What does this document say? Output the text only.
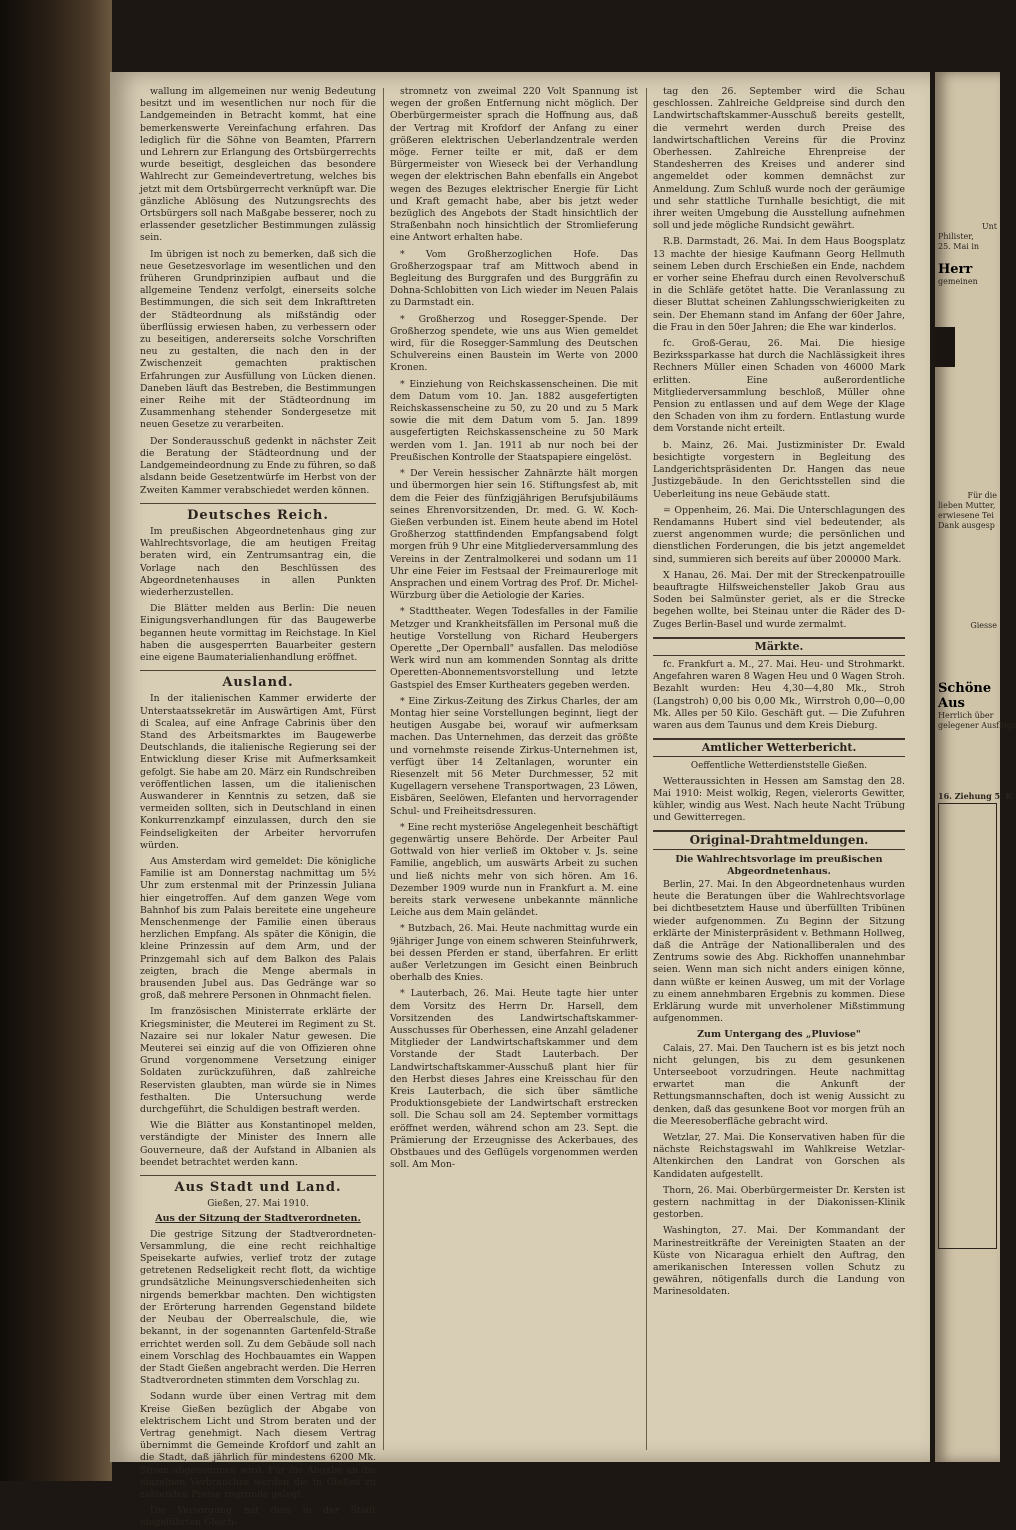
wallung im allgemeinen nur wenig Bedeutung besitzt und im wesentlichen nur noch für die Landgemeinden in Betracht kommt, hat eine bemerkenswerte Vereinfachung erfahren. Das lediglich für die Söhne von Beamten, Pfarrern und Lehrern zur Erlangung des Ortsbürgerrechts wurde beseitigt, desgleichen das besondere Wahlrecht zur Gemeindevertretung, welches bis jetzt mit dem Ortsbürgerrecht verknüpft war. Die gänzliche Ablösung des Nutzungsrechts des Ortsbürgers soll nach Maßgabe besserer, noch zu erlassender gesetzlicher Bestimmungen zulässig sein.

Im übrigen ist noch zu bemerken, daß sich die neue Gesetzesvorlage im wesentlichen und den früheren Grundprinzipien aufbaut und die allgemeine Tendenz verfolgt, einerseits solche Bestimmungen, die sich seit dem Inkrafttreten der Städteordnung als mißständig oder überflüssig erwiesen haben, zu verbessern oder zu beseitigen, andererseits solche Vorschriften neu zu gestalten, die nach den in der Zwischenzeit gemachten praktischen Erfahrungen zur Ausfüllung von Lücken dienen. Daneben läuft das Bestreben, die Bestimmungen einer Reihe mit der Städteordnung im Zusammenhang stehender Sondergesetze mit neuen Gesetze zu verarbeiten.

Der Sonderausschuß gedenkt in nächster Zeit die Beratung der Städteordnung und der Landgemeindeordnung zu Ende zu führen, so daß alsdann beide Gesetzentwürfe im Herbst von der Zweiten Kammer verabschiedet werden können.

Deutsches Reich.

Im preußischen Abgeordnetenhaus ging zur Wahlrechtsvorlage, die am heutigen Freitag beraten wird, ein Zentrumsantrag ein, die Vorlage nach den Beschlüssen des Abgeordnetenhauses in allen Punkten wiederherzustellen.

Die Blätter melden aus Berlin: Die neuen Einigungsverhandlungen für das Baugewerbe begannen heute vormittag im Reichstage. In Kiel haben die ausgesperrten Bauarbeiter gestern eine eigene Baumaterialienhandlung eröffnet.

Ausland.

In der italienischen Kammer erwiderte der Unterstaatssekretär im Auswärtigen Amt, Fürst di Scalea, auf eine Anfrage Cabrinis über den Stand des Arbeitsmarktes im Baugewerbe Deutschlands, die italienische Regierung sei der Entwicklung dieser Krise mit Aufmerksamkeit gefolgt. Sie habe am 20. März ein Rundschreiben veröffentlichen lassen, um die italienischen Auswanderer in Kenntnis zu setzen, daß sie vermeiden sollten, sich in Deutschland in einen Konkurrenzkampf einzulassen, durch den sie Feindseligkeiten der Arbeiter hervorrufen würden.

Aus Amsterdam wird gemeldet: Die königliche Familie ist am Donnerstag nachmittag um 5½ Uhr zum erstenmal mit der Prinzessin Juliana hier eingetroffen. Auf dem ganzen Wege vom Bahnhof bis zum Palais bereitete eine ungeheure Menschenmenge der Familie einen überaus herzlichen Empfang. Als später die Königin, die kleine Prinzessin auf dem Arm, und der Prinzgemahl sich auf dem Balkon des Palais zeigten, brach die Menge abermals in brausenden Jubel aus. Das Gedränge war so groß, daß mehrere Personen in Ohnmacht fielen.

Im französischen Ministerrate erklärte der Kriegsminister, die Meuterei im Regiment zu St. Nazaire sei nur lokaler Natur gewesen. Die Meuterei sei einzig auf die von Offizieren ohne Grund vorgenommene Versetzung einiger Soldaten zurückzuführen, daß zahlreiche Reservisten glaubten, man würde sie in Nimes festhalten. Die Untersuchung werde durchgeführt, die Schuldigen bestraft werden.

Wie die Blätter aus Konstantinopel melden, verständigte der Minister des Innern alle Gouverneure, daß der Aufstand in Albanien als beendet betrachtet werden kann.

Aus Stadt und Land.
Gießen, 27. Mai 1910.
Aus der Sitzung der Stadtverordneten.

Die gestrige Sitzung der Stadtverordneten-Versammlung, die eine recht reichhaltige Speisekarte aufwies, verlief trotz der zutage getretenen Redseligkeit recht flott, da wichtige grundsätzliche Meinungsverschiedenheiten sich nirgends bemerkbar machten. Den wichtigsten der Erörterung harrenden Gegenstand bildete der Neubau der Oberrealschule, die, wie bekannt, in der sogenannten Gartenfeld-Straße errichtet werden soll. Zu dem Gebäude soll nach einem Vorschlag des Hochbauamtes ein Wappen der Stadt Gießen angebracht werden. Die Herren Stadtverordneten stimmten dem Vorschlag zu.

Sodann wurde über einen Vertrag mit dem Kreise Gießen bezüglich der Abgabe von elektrischem Licht und Strom beraten und der Vertrag genehmigt. Nach diesem Vertrag übernimmt die Gemeinde Krofdorf und zahlt an die Stadt, daß jährlich für mindestens 6200 Mk. Strom abgenommen wird. Für die Abgabe an die einzelnen Verbraucher werden die in Gießen zu zahlenden Preise zugrunde gelegt.

Die Versorgung mit dem in der Stadt eingeführten Gleich-

stromnetz von zweimal 220 Volt Spannung ist wegen der großen Entfernung nicht möglich. Der Oberbürgermeister sprach die Hoffnung aus, daß der Vertrag mit Krofdorf der Anfang zu einer größeren elektrischen Ueberlandzentrale werden möge. Ferner teilte er mit, daß er dem Bürgermeister von Wieseck bei der Verhandlung wegen der elektrischen Bahn ebenfalls ein Angebot wegen des Bezuges elektrischer Energie für Licht und Kraft gemacht habe, aber bis jetzt weder bezüglich des Angebots der Stadt hinsichtlich der Straßenbahn noch hinsichtlich der Stromlieferung eine Antwort erhalten habe.

* Vom Großherzoglichen Hofe. Das Großherzogspaar traf am Mittwoch abend in Begleitung des Burggrafen und des Burggräfin zu Dohna-Schlobitten von Lich wieder im Neuen Palais zu Darmstadt ein.

* Großherzog und Rosegger-Spende. Der Großherzog spendete, wie uns aus Wien gemeldet wird, für die Rosegger-Sammlung des Deutschen Schulvereins einen Baustein im Werte von 2000 Kronen.

* Einziehung von Reichskassenscheinen. Die mit dem Datum vom 10. Jan. 1882 ausgefertigten Reichskassenscheine zu 50, zu 20 und zu 5 Mark sowie die mit dem Datum vom 5. Jan. 1899 ausgefertigten Reichskassenscheine zu 50 Mark werden vom 1. Jan. 1911 ab nur noch bei der Preußischen Kontrolle der Staatspapiere eingelöst.

* Der Verein hessischer Zahnärzte hält morgen und übermorgen hier sein 16. Stiftungsfest ab, mit dem die Feier des fünfzigjährigen Berufsjubiläums seines Ehrenvorsitzenden, Dr. med. G. W. Koch-Gießen verbunden ist. Einem heute abend im Hotel Großherzog stattfindenden Empfangsabend folgt morgen früh 9 Uhr eine Mitgliederversammlung des Vereins in der Zentralmolkerei und sodann um 11 Uhr eine Feier im Festsaal der Freimaurerloge mit Ansprachen und einem Vortrag des Prof. Dr. Michel-Würzburg über die Aetiologie der Karies.

* Stadttheater. Wegen Todesfalles in der Familie Metzger und Krankheitsfällen im Personal muß die heutige Vorstellung von Richard Heubergers Operette „Der Opernball" ausfallen. Das melodiöse Werk wird nun am kommenden Sonntag als dritte Operetten-Abonnementsvorstellung und letzte Gastspiel des Emser Kurtheaters gegeben werden.

* Eine Zirkus-Zeitung des Zirkus Charles, der am Montag hier seine Vorstellungen beginnt, liegt der heutigen Ausgabe bei, worauf wir aufmerksam machen. Das Unternehmen, das derzeit das größte und vornehmste reisende Zirkus-Unternehmen ist, verfügt über 14 Zeltanlagen, worunter ein Riesenzelt mit 56 Meter Durchmesser, 52 mit Kugellagern versehene Transportwagen, 23 Löwen, Eisbären, Seelöwen, Elefanten und hervorragender Schul- und Freiheitsdressuren.

* Eine recht mysteriöse Angelegenheit beschäftigt gegenwärtig unsere Behörde. Der Arbeiter Paul Gottwald von hier verließ im Oktober v. Js. seine Familie, angeblich, um auswärts Arbeit zu suchen und ließ nichts mehr von sich hören. Am 16. Dezember 1909 wurde nun in Frankfurt a. M. eine bereits stark verwesene unbekannte männliche Leiche aus dem Main geländet.

* Butzbach, 26. Mai. Heute nachmittag wurde ein 9jähriger Junge von einem schweren Steinfuhrwerk, bei dessen Pferden er stand, überfahren. Er erlitt außer Verletzungen im Gesicht einen Beinbruch oberhalb des Knies.

* Lauterbach, 26. Mai. Heute tagte hier unter dem Vorsitz des Herrn Dr. Harsell, dem Vorsitzenden des Landwirtschaftskammer-Ausschusses für Oberhessen, eine Anzahl geladener Mitglieder der Landwirtschaftskammer und dem Vorstande der Stadt Lauterbach. Der Landwirtschaftskammer-Ausschuß plant hier für den Herbst dieses Jahres eine Kreisschau für den Kreis Lauterbach, die sich über sämtliche Produktionsgebiete der Landwirtschaft erstrecken soll. Die Schau soll am 24. September vormittags eröffnet werden, während schon am 23. Sept. die Prämierung der Erzeugnisse des Ackerbaues, des Obstbaues und des Geflügels vorgenommen werden soll. Am Mon-

tag den 26. September wird die Schau geschlossen. Zahlreiche Geldpreise sind durch den Landwirtschaftskammer-Ausschuß bereits gestellt, die vermehrt werden durch Preise des landwirtschaftlichen Vereins für die Provinz Oberhessen. Zahlreiche Ehrenpreise der Standesherren des Kreises und anderer sind angemeldet oder kommen demnächst zur Anmeldung. Zum Schluß wurde noch der geräumige und sehr stattliche Turnhalle besichtigt, die mit ihrer weiten Umgebung die Ausstellung aufnehmen soll und jede mögliche Rundsicht gewährt.

R.B. Darmstadt, 26. Mai. In dem Haus Boogsplatz 13 machte der hiesige Kaufmann Georg Hellmuth seinem Leben durch Erschießen ein Ende, nachdem er vorher seine Ehefrau durch einen Revolverschuß in die Schläfe getötet hatte. Die Veranlassung zu dieser Bluttat scheinen Zahlungsschwierigkeiten zu sein. Der Ehemann stand im Anfang der 60er Jahre, die Frau in den 50er Jahren; die Ehe war kinderlos.

fc. Groß-Gerau, 26. Mai. Die hiesige Bezirkssparkasse hat durch die Nachlässigkeit ihres Rechners Müller einen Schaden von 46000 Mark erlitten. Eine außerordentliche Mitgliederversammlung beschloß, Müller ohne Pension zu entlassen und auf dem Wege der Klage den Schaden von ihm zu fordern. Entlastung wurde dem Vorstande nicht erteilt.

b. Mainz, 26. Mai. Justizminister Dr. Ewald besichtigte vorgestern in Begleitung des Landgerichtspräsidenten Dr. Hangen das neue Justizgebäude. In den Gerichtsstellen sind die Ueberleitung ins neue Gebäude statt.

= Oppenheim, 26. Mai. Die Unterschlagungen des Rendamanns Hubert sind viel bedeutender, als zuerst angenommen wurde; die persönlichen und dienstlichen Forderungen, die bis jetzt angemeldet sind, summieren sich bereits auf über 200000 Mark.

X Hanau, 26. Mai. Der mit der Streckenpatrouille beauftragte Hilfsweichensteller Jakob Grau aus Soden bei Salmünster geriet, als er die Strecke begehen wollte, bei Steinau unter die Räder des D-Zuges Berlin-Basel und wurde zermalmt.

Märkte.

fc. Frankfurt a. M., 27. Mai. Heu- und Strohmarkt. Angefahren waren 8 Wagen Heu und 0 Wagen Stroh. Bezahlt wurden: Heu 4,30—4,80 Mk., Stroh (Langstroh) 0,00 bis 0,00 Mk., Wirrstroh 0,00—0,00 Mk. Alles per 50 Kilo. Geschäft gut. — Die Zufuhren waren aus dem Taunus und dem Kreis Dieburg.

Amtlicher Wetterbericht.
Oeffentliche Wetterdienststelle Gießen.

Wetteraussichten in Hessen am Samstag den 28. Mai 1910: Meist wolkig, Regen, vielerorts Gewitter, kühler, windig aus West. Nach heute Nacht Trübung und Gewitterregen.

Original-Drahtmeldungen.
Die Wahlrechtsvorlage im preußischen Abgeordnetenhaus.

Berlin, 27. Mai. In den Abgeordnetenhaus wurden heute die Beratungen über die Wahlrechtsvorlage bei dichtbesetztem Hause und überfüllten Tribünen wieder aufgenommen. Zu Beginn der Sitzung erklärte der Ministerpräsident v. Bethmann Hollweg, daß die Anträge der Nationalliberalen und des Zentrums sowie des Abg. Rickhoffen unannehmbar seien. Wenn man sich nicht anders einigen könne, dann wüßte er keinen Ausweg, um mit der Vorlage zu einem annehmbaren Ergebnis zu kommen. Diese Erklärung wurde mit unverholener Mißstimmung aufgenommen.

Zum Untergang des „Pluviose"

Calais, 27. Mai. Den Tauchern ist es bis jetzt noch nicht gelungen, bis zu dem gesunkenen Unterseeboot vorzudringen. Heute nachmittag erwartet man die Ankunft der Rettungsmannschaften, doch ist wenig Aussicht zu denken, daß das gesunkene Boot vor morgen früh an die Meeresoberfläche gebracht wird.

Wetzlar, 27. Mai. Die Konservativen haben für die nächste Reichstagswahl im Wahlkreise Wetzlar-Altenkirchen den Landrat von Gorschen als Kandidaten aufgestellt.

Thorn, 26. Mai. Oberbürgermeister Dr. Kersten ist gestern nachmittag in der Diakonissen-Klinik gestorben.

Washington, 27. Mai. Der Kommandant der Marinestreitkräfte der Vereinigten Staaten an der Küste von Nicaragua erhielt den Auftrag, den amerikanischen Interessen vollen Schutz zu gewähren, nötigenfalls durch die Landung von Marinesoldaten.

Unt
Philister,
25. Mai in
Herr
gemeinen
Für die
lieben Mutter,
erwiesene Tei
Dank ausgesp
Giesse
Schöne Aus
Herrlich über
gelegener Ausflugs
16. Ziehung 5. K
